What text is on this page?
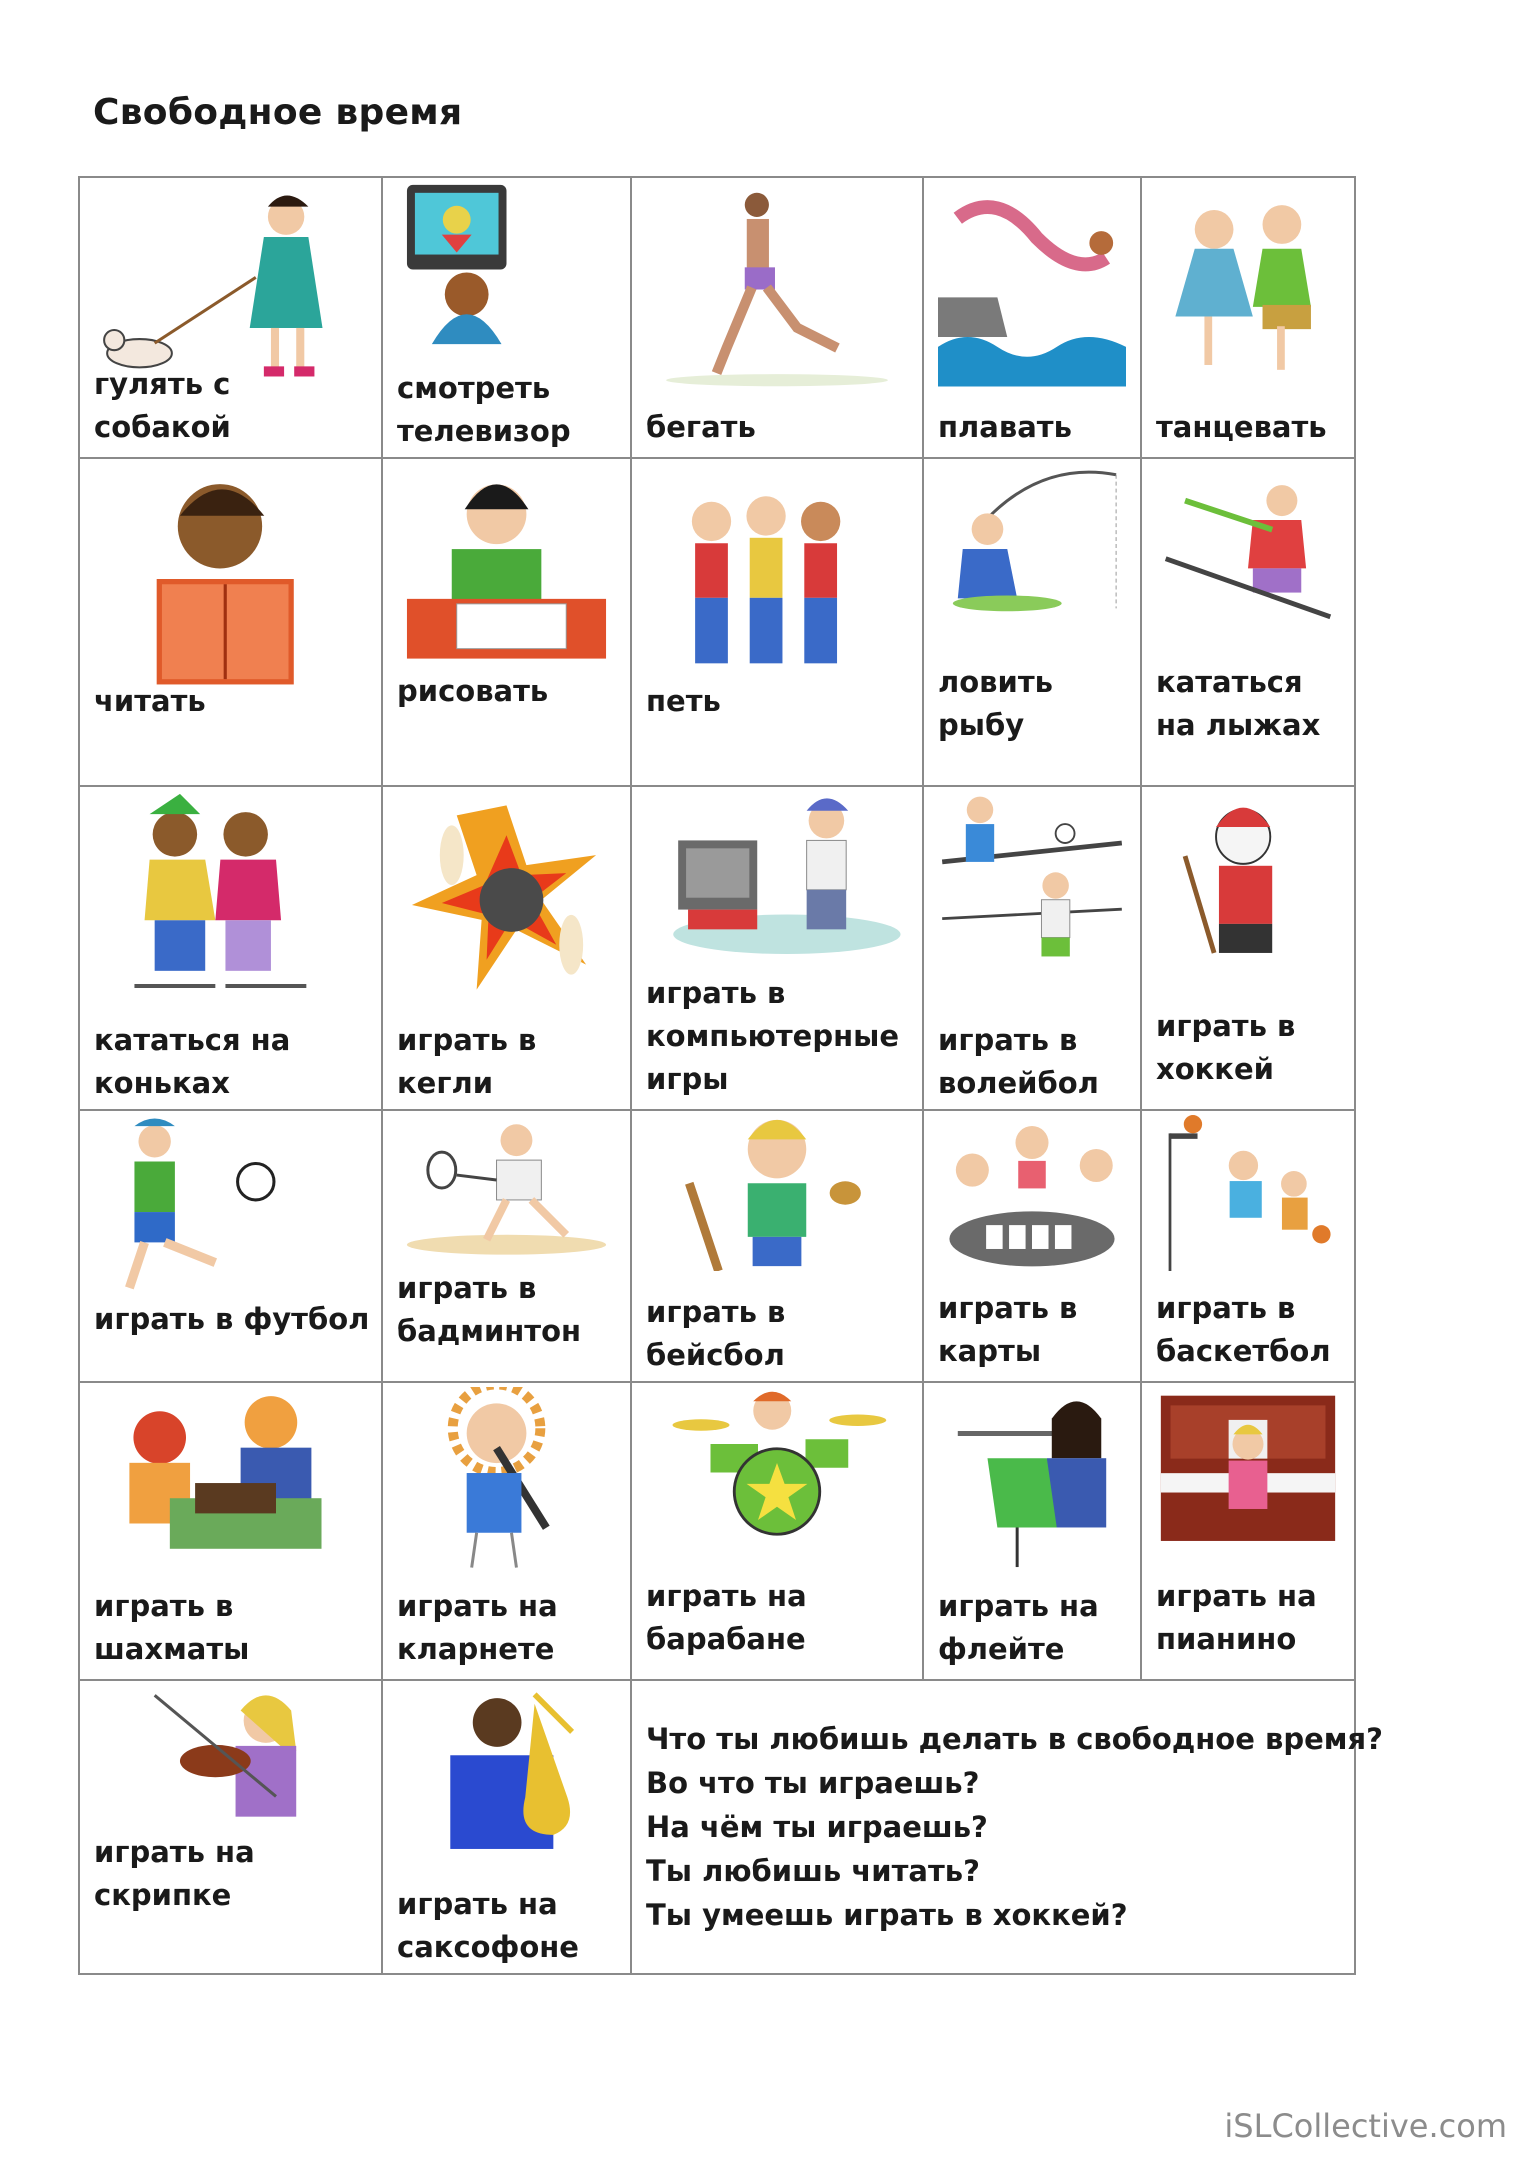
Свободное время
гулять с собакой	смотреть телевизор	бегать	плавать	танцевать

читать	рисовать	петь	ловить рыбу	кататься на лыжах

кататься на коньках	играть в кегли	играть в компьютерные игры	играть в волейбол	играть в хоккей

играть в футбол	играть в бадминтон	играть в бейсбол	играть в карты	играть в баскетбол

играть в шахматы	играть на кларнете	играть на барабане	играть на флейте	играть на пианино

играть на скрипке	играть на саксофоне	Что ты любишь делать в свободное время?
Во что ты играешь?
На чём ты играешь?
Ты любишь читать?
Ты умеешь играть в хоккей?		
iSLCollective.com
